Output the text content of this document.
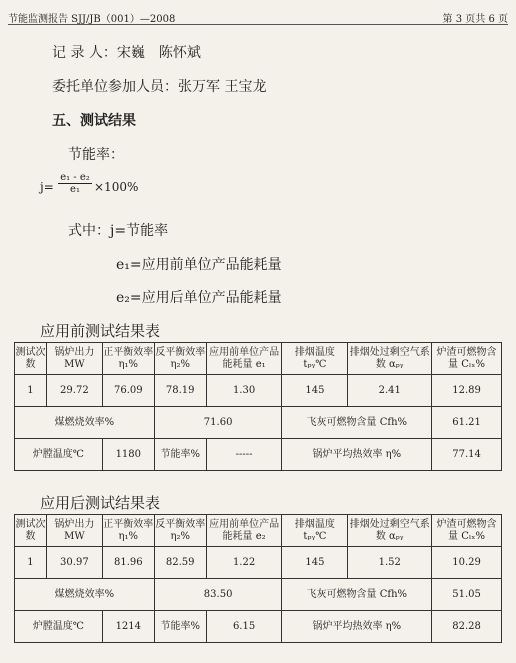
节能监测报告 SJJ/JB（001）—2008	第 3 页共 6 页
记 录 人：宋巍　陈怀斌
委托单位参加人员：张万军 王宝龙
五、测试结果
节能率：
$j= \frac{\text{e₁ - e₂}}{\text{e₁}} \times 100\%$
式中：j=节能率
e₁=应用前单位产品能耗量
e₂=应用后单位产品能耗量
应用前测试结果表
测试次数	锅炉出力 MW	正平衡效率 η₁%	反平衡效率 η₂%	应用前单位产品能耗量 e₁	排烟温度 tₚᵧ℃	排烟处过剩空气系数 αₚᵧ	炉渣可燃物含量 Cₗₓ%
1	29.72	76.09	78.19	1.30	145	2.41	12.89
煤燃烧效率%			71.60		飞灰可燃物含量 Cfh%		61.21
炉膛温度℃		1180	节能率%	-----	锅炉平均热效率 η%		77.14
应用后测试结果表
测试次数	锅炉出力 MW	正平衡效率 η₁%	反平衡效率 η₂%	应用前单位产品能耗量 e₂	排烟温度 tₚᵧ℃	排烟处过剩空气系数 αₚᵧ	炉渣可燃物含量 Cₗₓ%
1	30.97	81.96	82.59	1.22	145	1.52	10.29
煤燃烧效率%			83.50		飞灰可燃物含量 Cfh%		51.05
炉膛温度℃		1214	节能率%	6.15	锅炉平均热效率 η%		82.28
